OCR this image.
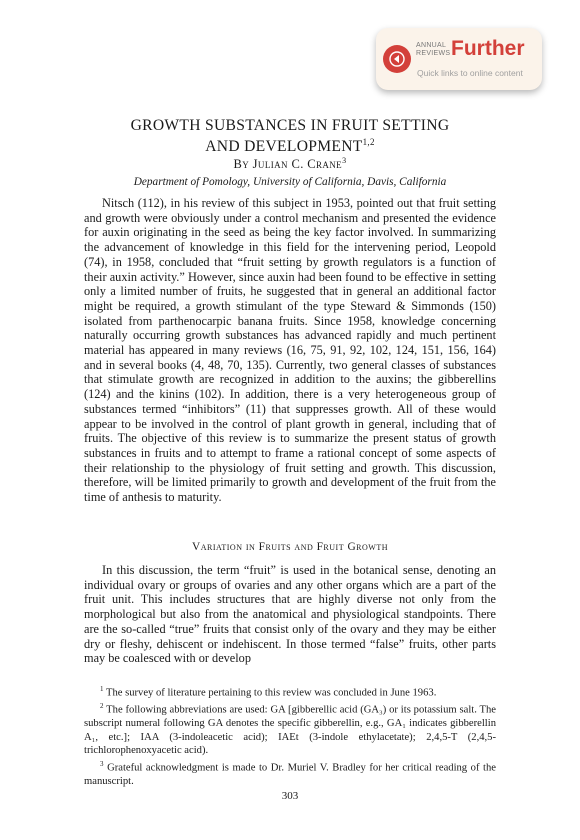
ANNUAL
REVIEWS Further
Quick links to online content
GROWTH SUBSTANCES IN FRUIT SETTING
AND DEVELOPMENT$^{1,2}$
By Julian C. Crane$^3$
Department of Pomology, University of California, Davis, California

Nitsch (112), in his review of this subject in 1953, pointed out that fruit setting and growth were obviously under a control mechanism and presented the evidence for auxin originating in the seed as being the key factor involved. In summarizing the advancement of knowledge in this field for the intervening period, Leopold (74), in 1958, concluded that “fruit setting by growth regulators is a function of their auxin activity.” However, since auxin had been found to be effective in setting only a limited number of fruits, he suggested that in general an additional factor might be required, a growth stimulant of the type Steward & Simmonds (150) isolated from parthenocarpic banana fruits. Since 1958, knowledge concerning naturally occurring growth substances has advanced rapidly and much pertinent material has appeared in many reviews (16, 75, 91, 92, 102, 124, 151, 156, 164) and in several books (4, 48, 70, 135). Currently, two general classes of substances that stimulate growth are recognized in addition to the auxins; the gibberellins (124) and the kinins (102). In addition, there is a very heterogeneous group of substances termed “inhibitors” (11) that suppresses growth. All of these would appear to be involved in the control of plant growth in general, including that of fruits. The objective of this review is to summarize the present status of growth substances in fruits and to attempt to frame a rational concept of some aspects of their relationship to the physiology of fruit setting and growth. This discussion, therefore, will be limited primarily to growth and development of the fruit from the time of anthesis to maturity.

Variation in Fruits and Fruit Growth

In this discussion, the term “fruit” is used in the botanical sense, denoting an individual ovary or groups of ovaries and any other organs which are a part of the fruit unit. This includes structures that are highly diverse not only from the morphological but also from the anatomical and physiological standpoints. There are the so-called “true” fruits that consist only of the ovary and they may be either dry or fleshy, dehiscent or indehiscent. In those termed “false” fruits, other parts may be coalesced with or develop

$^1$ The survey of literature pertaining to this review was concluded in June 1963.

$^2$ The following abbreviations are used: GA [gibberellic acid (GA₃) or its potassium salt. The subscript numeral following GA denotes the specific gibberellin, e.g., GA₁ indicates gibberellin A₁, etc.]; IAA (3-indoleacetic acid); IAEt (3-indole ethylacetate); 2,4,5-T (2,4,5-trichlorophenoxyacetic acid).

$^3$ Grateful acknowledgment is made to Dr. Muriel V. Bradley for her critical reading of the manuscript.

303
